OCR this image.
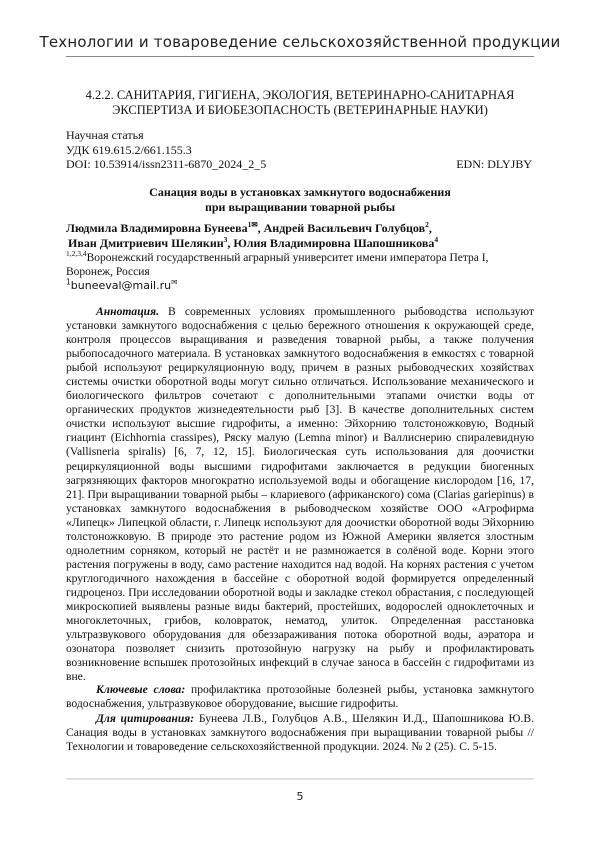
Технологии и товароведение сельскохозяйственной продукции
4.2.2. САНИТАРИЯ, ГИГИЕНА, ЭКОЛОГИЯ, ВЕТЕРИНАРНО-САНИТАРНАЯ
ЭКСПЕРТИЗА И БИОБЕЗОПАСНОСТЬ (ВЕТЕРИНАРНЫЕ НАУКИ)
Научная статья
УДК 619.615.2/661.155.3
DOI: 10.53914/issn2311-6870_2024_2_5	EDN: DLYJBY
Санация воды в установках замкнутого водоснабжения
при выращивании товарной рыбы
Людмила Владимировна Бунеева$^{1✉}$, Андрей Васильевич Голубцов$^2$,
Иван Дмитриевич Шелякин$^3$, Юлия Владимировна Шапошникова$^4$
$^{1,2,3,4}$Воронежский государственный аграрный университет имени императора Петра I, Воронеж, Россия
$^1$buneeval@mail.ru✉

Аннотация. В современных условиях промышленного рыбоводства используют установки замкнутого водоснабжения с целью бережного отношения к окружающей среде, контроля процессов выращивания и разведения товарной рыбы, а также получения рыбопосадочного материала. В установках замкнутого водоснабжения в емкостях с товарной рыбой используют рециркуляционную воду, причем в разных рыбоводческих хозяйствах системы очистки оборотной воды могут сильно отличаться. Использование механического и биологического фильтров сочетают с дополнительными этапами очистки воды от органических продуктов жизнедеятельности рыб [3]. В качестве дополнительных систем очистки используют высшие гидрофиты, а именно: Эйхорнию толстоножковую, Водный гиацинт (Eichhornia crassipes), Ряску малую (Lemna minor) и Валлиснерию спиралевидную (Vallisneria spiralis) [6, 7, 12, 15]. Биологическая суть использования для доочистки рециркуляционной воды высшими гидрофитами заключается в редукции биогенных загрязняющих факторов многократно используемой воды и обогащение кислородом [16, 17, 21]. При выращивании товарной рыбы – клариевого (африканского) сома (Clarias gariepinus) в установках замкнутого водоснабжения в рыбоводческом хозяйстве ООО «Агрофирма «Липецк» Липецкой области, г. Липецк используют для доочистки оборотной воды Эйхорнию толстоножковую. В природе это растение родом из Южной Америки является злостным однолетним сорняком, который не растёт и не размножается в солёной воде. Корни этого растения погружены в воду, само растение находится над водой. На корнях растения с учетом круглогодичного нахождения в бассейне с оборотной водой формируется определенный гидроценоз. При исследовании оборотной воды и закладке стекол обрастания, с последующей микроскопией выявлены разные виды бактерий, простейших, водорослей одноклеточных и многоклеточных, грибов, коловраток, нематод, улиток. Определенная расстановка ультразвукового оборудования для обеззараживания потока оборотной воды, аэратора и озонатора позволяет снизить протозойную нагрузку на рыбу и профилактировать возникновение вспышек протозойных инфекций в случае заноса в бассейн с гидрофитами из вне.

Ключевые слова: профилактика протозойные болезней рыбы, установка замкнутого водоснабжения, ультразвуковое оборудование, высшие гидрофиты.

Для цитирования: Бунеева Л.В., Голубцов А.В., Шелякин И.Д., Шапошникова Ю.В. Санация воды в установках замкнутого водоснабжения при выращивании товарной рыбы // Технологии и товароведение сельскохозяйственной продукции. 2024. № 2 (25). С. 5-15.

5
